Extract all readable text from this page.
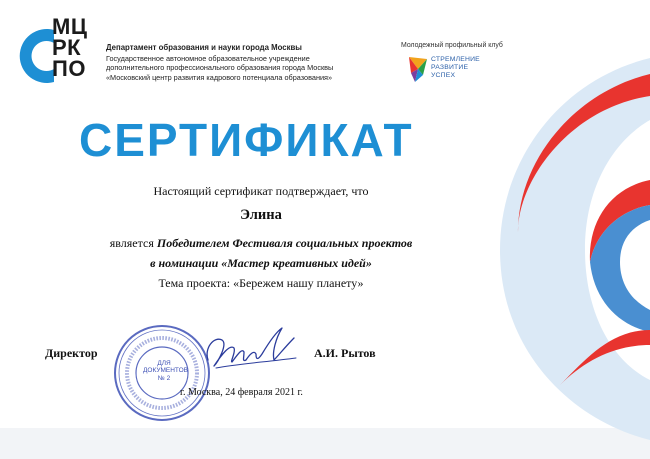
МЦ
РК
ПО
Департамент образования и науки города Москвы
Государственное автономное образовательное учреждение
дополнительного профессионального образования города Москвы
«Московский центр развития кадрового потенциала образования»
Молодежный профильный клуб
СТРЕМЛЕНИЕ
РАЗВИТИЕ
УСПЕХ
СЕРТИФИКАТ
Настоящий сертификат подтверждает, что
Элина
является Победителем Фестиваля социальных проектов
в номинации «Мастер креативных идей»
Тема проекта: «Бережем нашу планету»
Директор
ДЛЯ
ДОКУМЕНТОВ
№ 2
А.И. Рытов
г. Москва, 24 февраля 2021 г.
